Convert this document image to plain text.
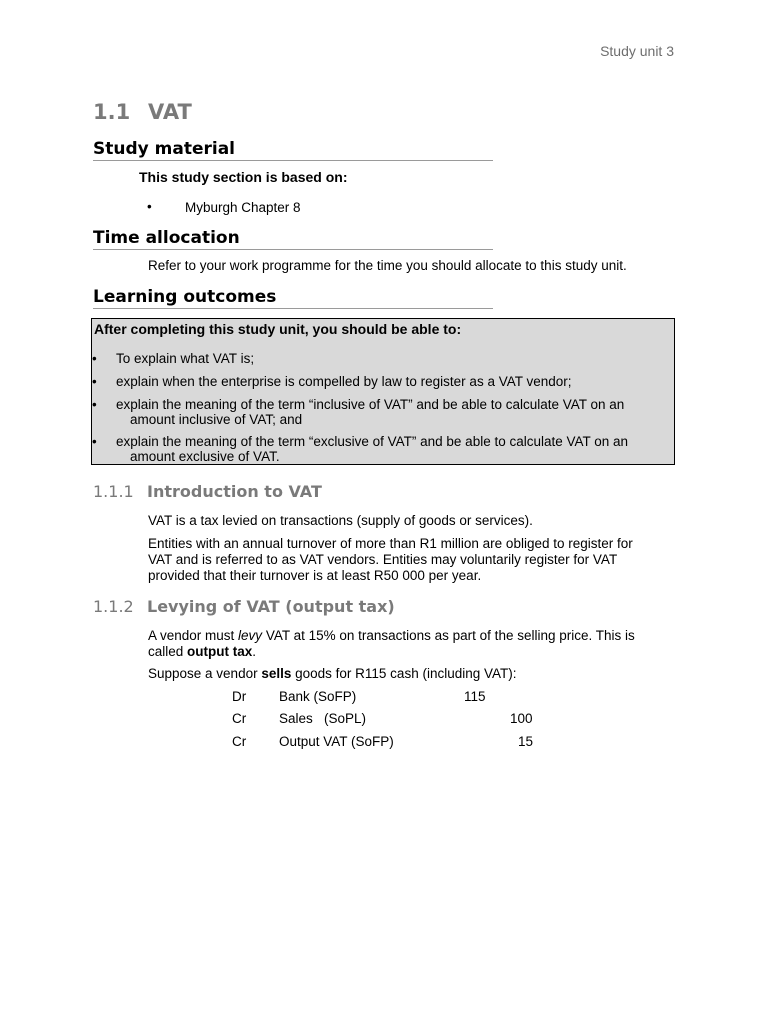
Study unit 3
1.1 VAT
Study material
This study section is based on:
• Myburgh Chapter 8
Time allocation
Refer to your work programme for the time you should allocate to this study unit.
Learning outcomes
After completing this study unit, you should be able to:
• To explain what VAT is;
• explain when the enterprise is compelled by law to register as a VAT vendor;
• explain the meaning of the term “inclusive of VAT” and be able to calculate VAT on an
amount inclusive of VAT; and
• explain the meaning of the term “exclusive of VAT” and be able to calculate VAT on an
amount exclusive of VAT.
1.1.1 Introduction to VAT
VAT is a tax levied on transactions (supply of goods or services).
Entities with an annual turnover of more than R1 million are obliged to register for
VAT and is referred to as VAT vendors. Entities may voluntarily register for VAT
provided that their turnover is at least R50 000 per year.
1.1.2 Levying of VAT (output tax)
A vendor must levy VAT at 15% on transactions as part of the selling price. This is
called output tax.
Suppose a vendor sells goods for R115 cash (including VAT):
Dr Bank (SoFP)	115
Cr Sales   (SoPL)	100
Cr Output VAT (SoFP)	15
